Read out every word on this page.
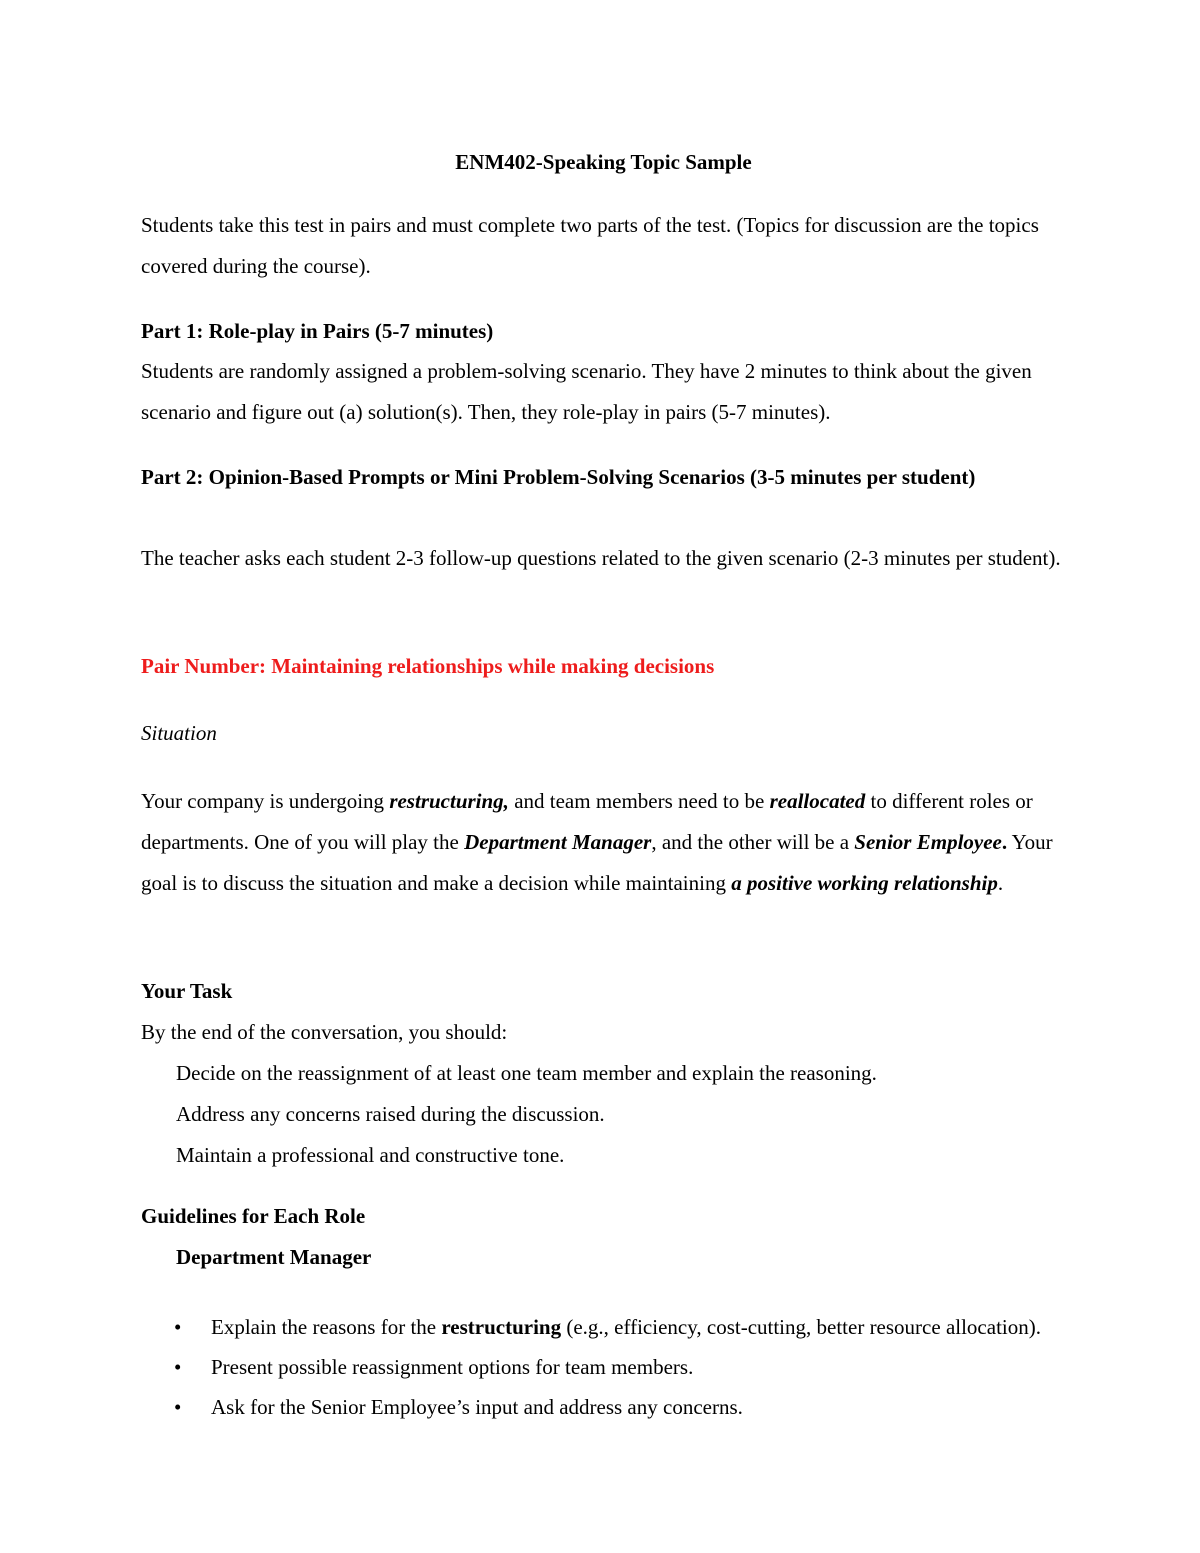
ENM402-Speaking Topic Sample

Students take this test in pairs and must complete two parts of the test. (Topics for discussion are the topics covered during the course).

Part 1: Role-play in Pairs (5-7 minutes)

Students are randomly assigned a problem-solving scenario. They have 2 minutes to think about the given scenario and figure out (a) solution(s). Then, they role-play in pairs (5-7 minutes).

Part 2: Opinion-Based Prompts or Mini Problem-Solving Scenarios (3-5 minutes per student)

The teacher asks each student 2-3 follow-up questions related to the given scenario (2-3 minutes per student).

Pair Number: Maintaining relationships while making decisions

Situation

Your company is undergoing restructuring, and team members need to be reallocated to different roles or departments. One of you will play the Department Manager, and the other will be a Senior Employee. Your goal is to discuss the situation and make a decision while maintaining a positive working relationship.

Your Task

By the end of the conversation, you should:

Decide on the reassignment of at least one team member and explain the reasoning.

Address any concerns raised during the discussion.

Maintain a professional and constructive tone.

Guidelines for Each Role

Department Manager

• Explain the reasons for the restructuring (e.g., efficiency, cost-cutting, better resource allocation).
• Present possible reassignment options for team members.
• Ask for the Senior Employee’s input and address any concerns.
